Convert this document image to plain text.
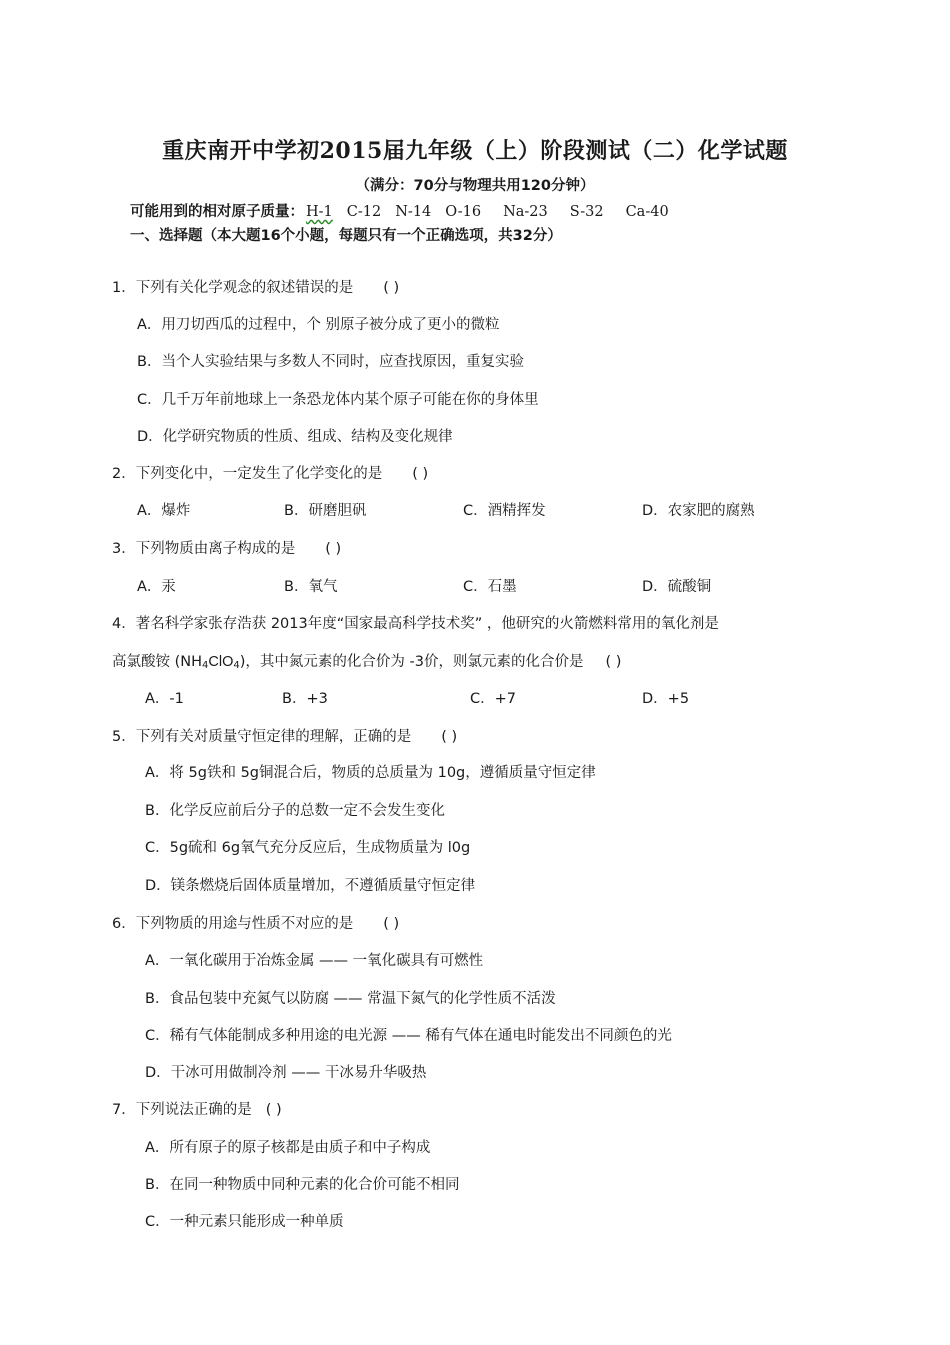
重庆南开中学初2015届九年级（上）阶段测试（二）化学试题
（满分：70分与物理共用120分钟）
可能用到的相对原子质量： H-1 C-12 N-14 O-16 Na-23 S-32 Ca-40
一、选择题（本大题16个小题，每题只有一个正确选项，共32分）
1．下列有关化学观念的叙述错误的是 ( )
A．用刀切西瓜的过程中，个 别原子被分成了更小的微粒
B．当个人实验结果与多数人不同时，应查找原因，重复实验
C．几千万年前地球上一条恐龙体内某个原子可能在你的身体里
D．化学研究物质的性质、组成、结构及变化规律
2．下列变化中，一定发生了化学变化的是 ( )
A．爆炸	B．研磨胆矾	C．酒精挥发	D．农家肥的腐熟
3．下列物质由离子构成的是 ( )
A．汞	B．氧气	C．石墨	D．硫酸铜
4．著名科学家张存浩获 2013年度“国家最高科学技术奖” ，他研究的火箭燃料常用的氧化剂是
高氯酸铵 $(NH_4ClO_4)$，其中氮元素的化合价为 -3价，则氯元素的化合价是 ( )
A．-1	B．+3	C．+7	D．+5
5．下列有关对质量守恒定律的理解，正确的是 ( )
A．将 5g铁和 5g铜混合后，物质的总质量为 10g，遵循质量守恒定律
B．化学反应前后分子的总数一定不会发生变化
C．5g硫和 6g氧气充分反应后，生成物质量为 l0g
D．镁条燃烧后固体质量增加，不遵循质量守恒定律
6．下列物质的用途与性质不对应的是 ( )
A．一氧化碳用于冶炼金属 —— 一氧化碳具有可燃性
B．食品包装中充氮气以防腐 —— 常温下氮气的化学性质不活泼
C．稀有气体能制成多种用途的电光源 —— 稀有气体在通电时能发出不同颜色的光
D．干冰可用做制冷剂 —— 干冰易升华吸热
7．下列说法正确的是 ( )
A．所有原子的原子核都是由质子和中子构成
B．在同一种物质中同种元素的化合价可能不相同
C．一种元素只能形成一种单质
